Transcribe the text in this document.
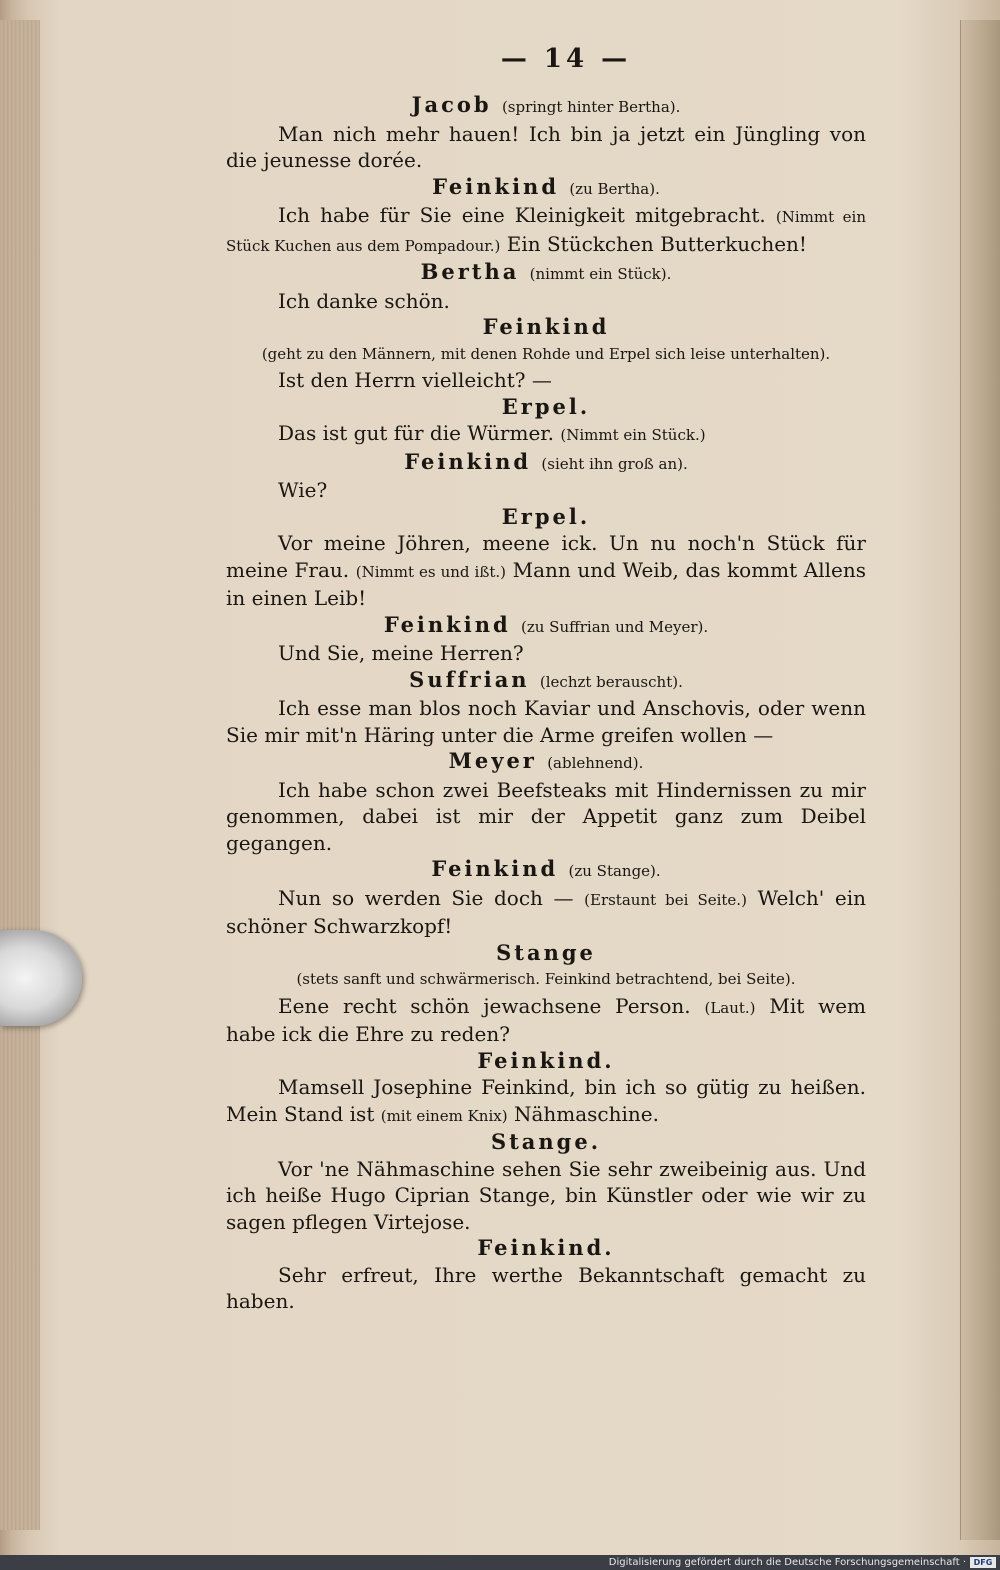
— 14 —

Jacob (springt hinter Bertha).

Man nich mehr hauen! Ich bin ja jetzt ein Jüngling von die jeunesse dorée.

Feinkind (zu Bertha).

Ich habe für Sie eine Kleinigkeit mitgebracht. (Nimmt ein Stück Kuchen aus dem Pompadour.) Ein Stückchen Butterkuchen!

Bertha (nimmt ein Stück).

Ich danke schön.

Feinkind

(geht zu den Männern, mit denen Rohde und Erpel sich leise unterhalten).

Ist den Herrn vielleicht? —

Erpel.

Das ist gut für die Würmer. (Nimmt ein Stück.)

Feinkind (sieht ihn groß an).

Wie?

Erpel.

Vor meine Jöhren, meene ick. Un nu noch'n Stück für meine Frau. (Nimmt es und ißt.) Mann und Weib, das kommt Allens in einen Leib!

Feinkind (zu Suffrian und Meyer).

Und Sie, meine Herren?

Suffrian (lechzt berauscht).

Ich esse man blos noch Kaviar und Anschovis, oder wenn Sie mir mit'n Häring unter die Arme greifen wollen —

Meyer (ablehnend).

Ich habe schon zwei Beefsteaks mit Hindernissen zu mir genommen, dabei ist mir der Appetit ganz zum Deibel gegangen.

Feinkind (zu Stange).

Nun so werden Sie doch — (Erstaunt bei Seite.) Welch' ein schöner Schwarzkopf!

Stange

(stets sanft und schwärmerisch. Feinkind betrachtend, bei Seite).

Eene recht schön jewachsene Person. (Laut.) Mit wem habe ick die Ehre zu reden?

Feinkind.

Mamsell Josephine Feinkind, bin ich so gütig zu heißen. Mein Stand ist (mit einem Knix) Nähmaschine.

Stange.

Vor 'ne Nähmaschine sehen Sie sehr zweibeinig aus. Und ich heiße Hugo Ciprian Stange, bin Künstler oder wie wir zu sagen pflegen Virtejose.

Feinkind.

Sehr erfreut, Ihre werthe Bekanntschaft gemacht zu haben.

Digitalisierung gefördert durch die Deutsche Forschungsgemeinschaft · DFG
